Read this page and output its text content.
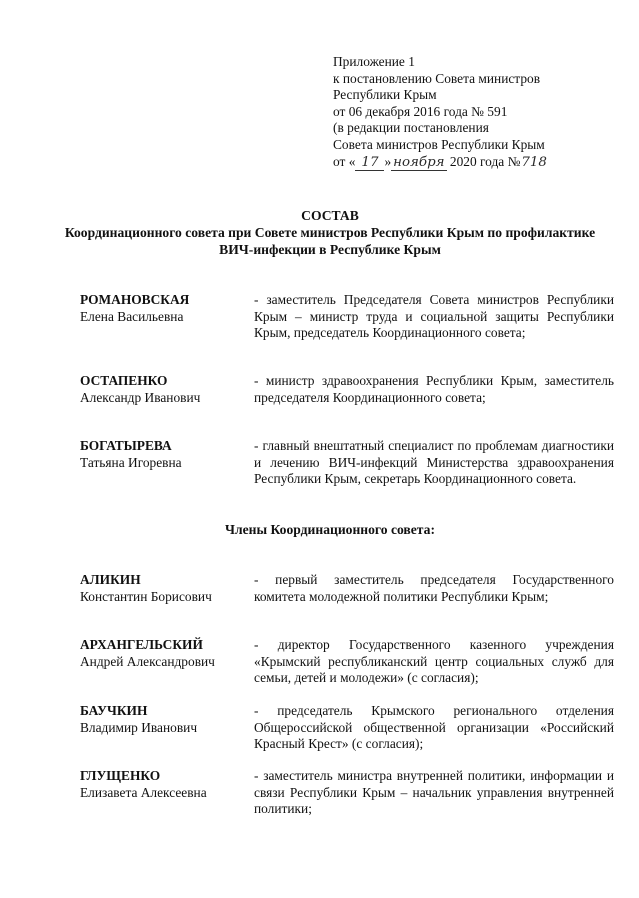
Приложение 1
к постановлению Совета министров
Республики Крым
от 06 декабря 2016 года № 591
(в редакции постановления
Совета министров Республики Крым
от « 17 » ноября 2020 года №718
СОСТАВ
Координационного совета при Совете министров Республики Крым по профилактике ВИЧ-инфекции в Республике Крым
РОМАНОВСКАЯ
Елена Васильевна
- заместитель Председателя Совета министров Республики Крым – министр труда и социальной защиты Республики Крым, председатель Координационного совета;
ОСТАПЕНКО
Александр Иванович
- министр здравоохранения Республики Крым, заместитель председателя Координационного совета;
БОГАТЫРЕВА
Татьяна Игоревна
- главный внештатный специалист по проблемам диагностики и лечению ВИЧ-инфекций Министерства здравоохранения Республики Крым, секретарь Координационного совета.
Члены Координационного совета:
АЛИКИН
Константин Борисович
- первый заместитель председателя Государственного комитета молодежной политики Республики Крым;
АРХАНГЕЛЬСКИЙ
Андрей Александрович
- директор Государственного казенного учреждения «Крымский республиканский центр социальных служб для семьи, детей и молодежи» (с согласия);
БАУЧКИН
Владимир Иванович
- председатель Крымского регионального отделения Общероссийской общественной организации «Российский Красный Крест» (с согласия);
ГЛУЩЕНКО
Елизавета Алексеевна
- заместитель министра внутренней политики, информации и связи Республики Крым – начальник управления внутренней политики;
